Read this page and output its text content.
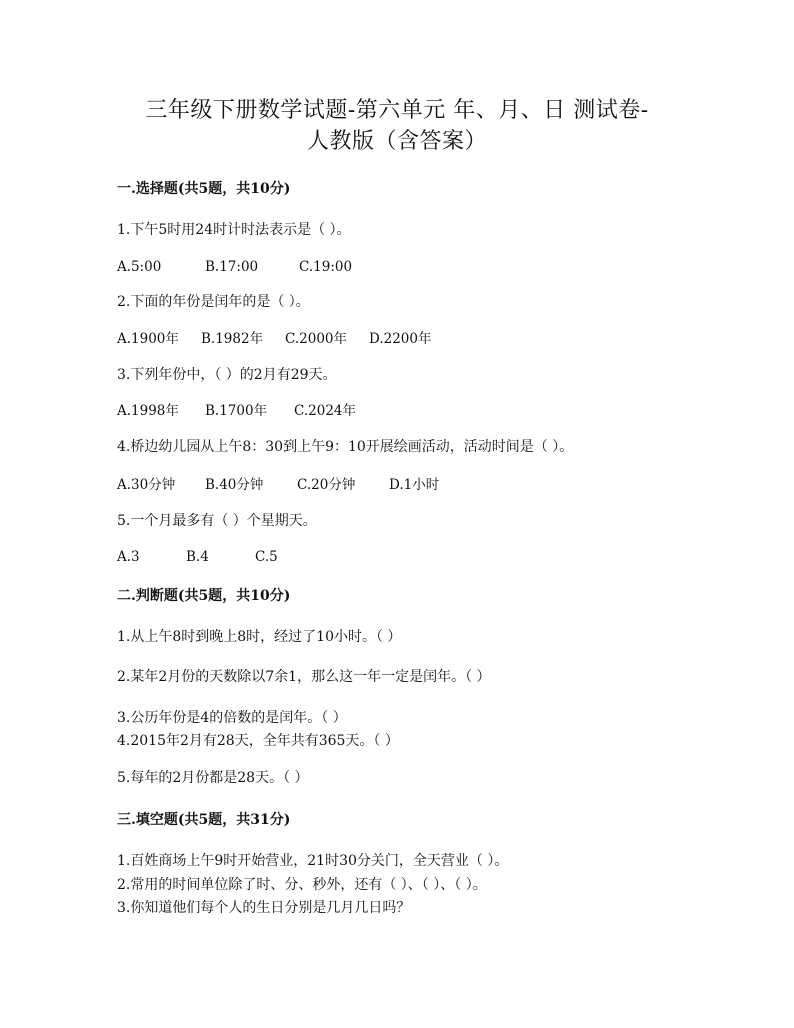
三年级下册数学试题-第六单元 年、月、日 测试卷-
人教版（含答案）
一.选择题(共5题，共10分)
1.下午5时用24时计时法表示是（ ）。
A.5:00	B.17:00	C.19:00
2.下面的年份是闰年的是（ ）。
A.1900年 B.1982年 C.2000年 D.2200年
3.下列年份中，（ ）的2月有29天。
A.1998年 B.1700年 C.2024年
4.桥边幼儿园从上午8：30到上午9：10开展绘画活动，活动时间是（ ）。
A.30分钟 B.40分钟 C.20分钟 D.1小时
5.一个月最多有（ ）个星期天。
A.3	B.4	C.5
二.判断题(共5题，共10分)
1.从上午8时到晚上8时，经过了10小时。（ ）
2.某年2月份的天数除以7余1，那么这一年一定是闰年。（ ）
3.公历年份是4的倍数的是闰年。（ ）
4.2015年2月有28天，全年共有365天。（ ）
5.每年的2月份都是28天。（ ）
三.填空题(共5题，共31分)
1.百姓商场上午9时开始营业，21时30分关门，全天营业（ ）。
2.常用的时间单位除了时、分、秒外，还有（ ）、（ ）、（ ）。
3.你知道他们每个人的生日分别是几月几日吗？
